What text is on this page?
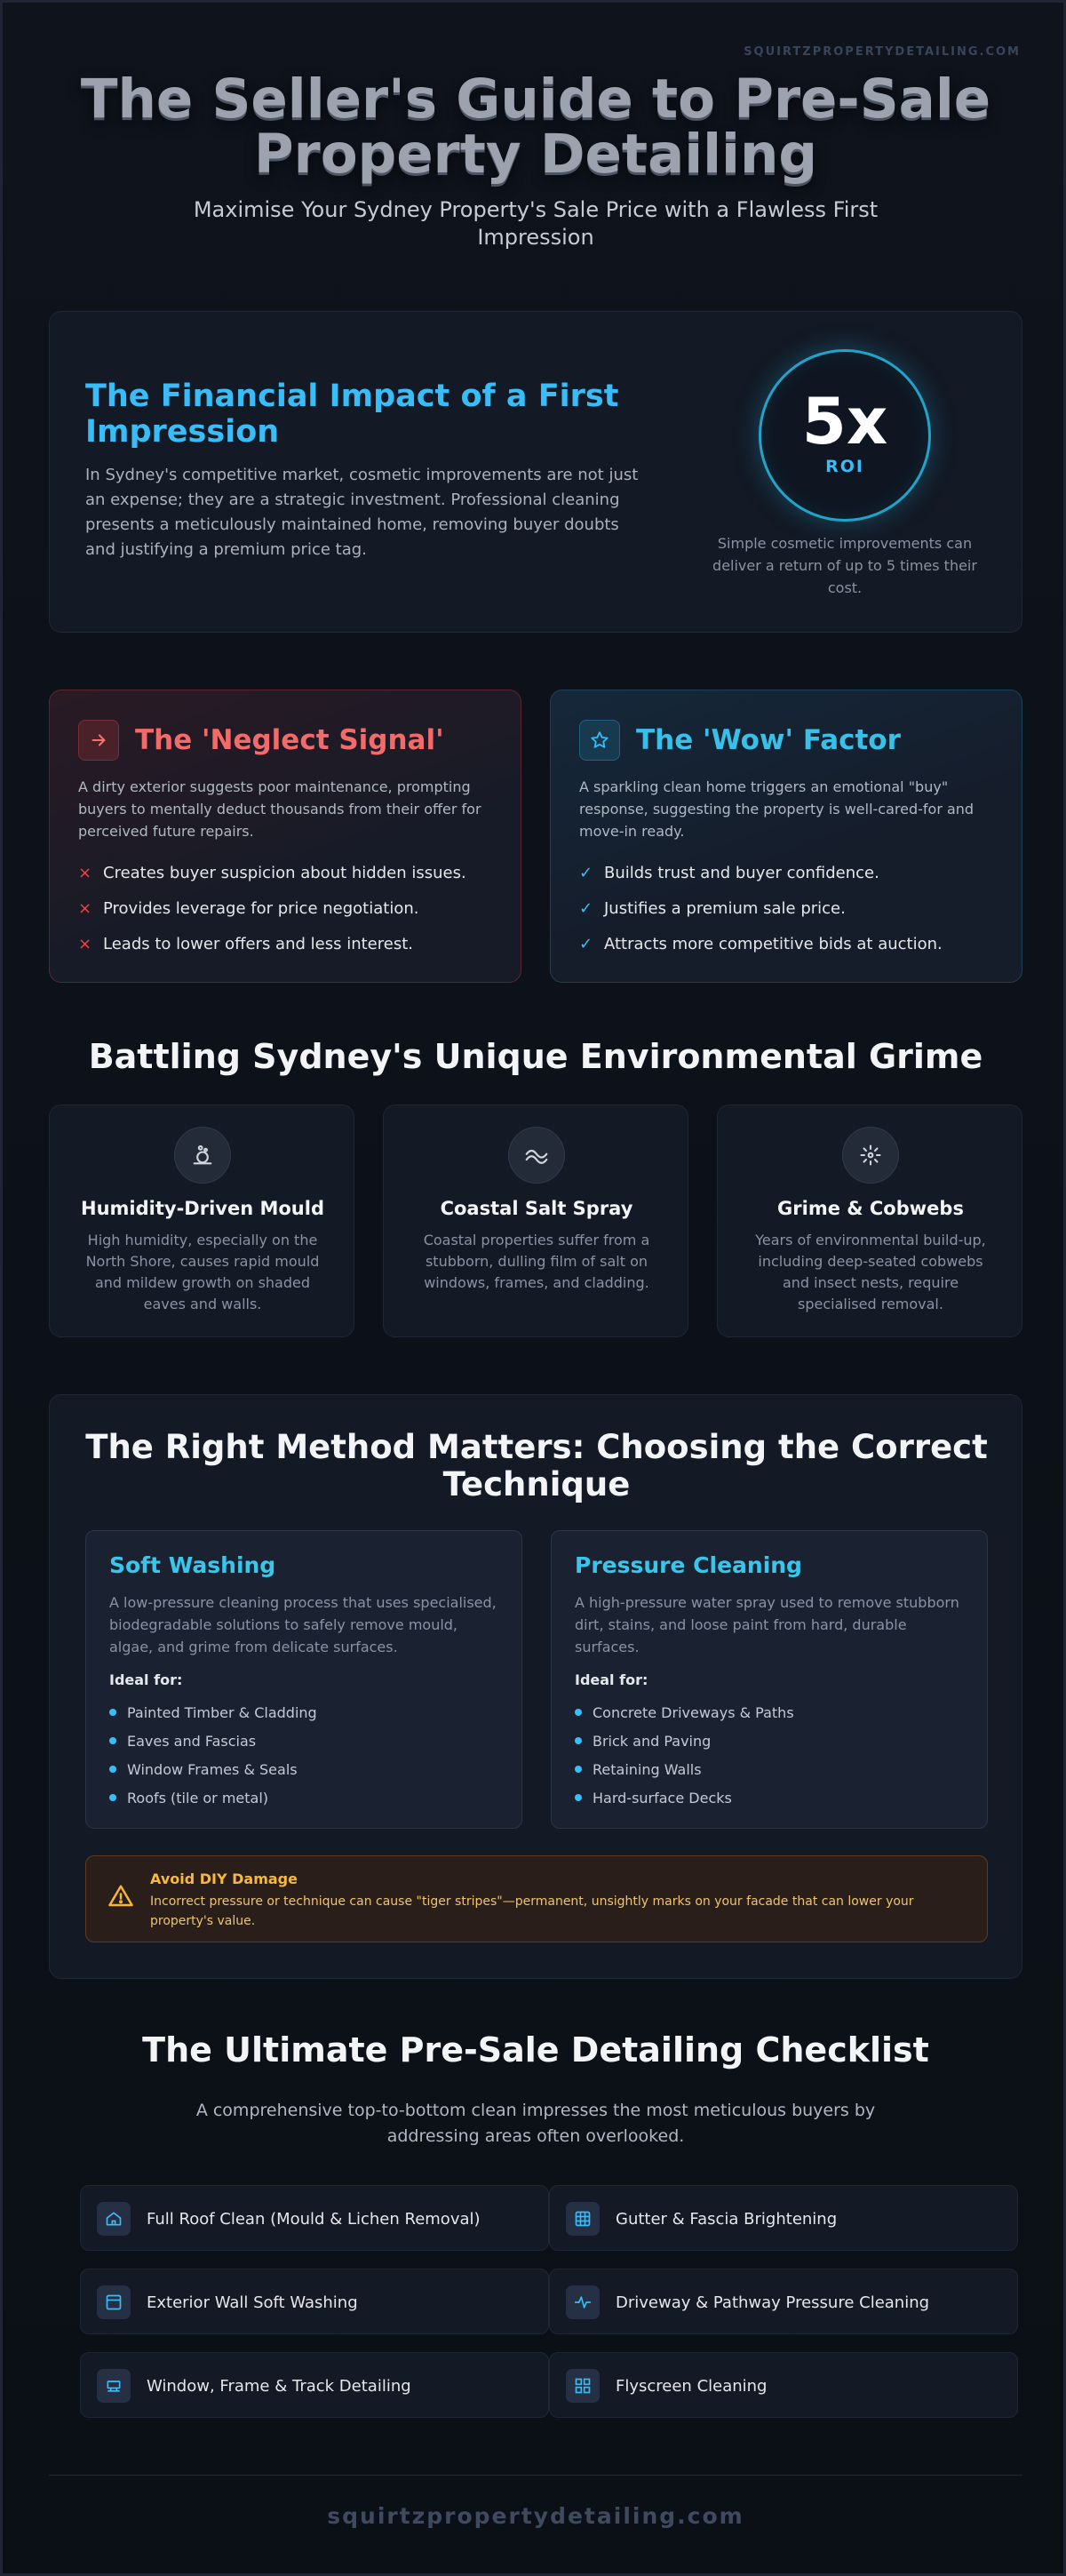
SQUIRTZPROPERTYDETAILING.COM
The Seller's Guide to Pre-Sale Property Detailing
Maximise Your Sydney Property's Sale Price with a Flawless First Impression
The Financial Impact of a First Impression

In Sydney's competitive market, cosmetic improvements are not just an expense; they are a strategic investment. Professional cleaning presents a meticulously maintained home, removing buyer doubts and justifying a premium price tag.

5x
ROI
Simple cosmetic improvements can deliver a return of up to 5 times their cost.
The 'Neglect Signal'
A dirty exterior suggests poor maintenance, prompting buyers to mentally deduct thousands from their offer for perceived future repairs.
× Creates buyer suspicion about hidden issues.
× Provides leverage for price negotiation.
× Leads to lower offers and less interest.
The 'Wow' Factor
A sparkling clean home triggers an emotional "buy" response, suggesting the property is well-cared-for and move-in ready.
✓ Builds trust and buyer confidence.
✓ Justifies a premium sale price.
✓ Attracts more competitive bids at auction.
Battling Sydney's Unique Environmental Grime
Humidity-Driven Mould

High humidity, especially on the North Shore, causes rapid mould and mildew growth on shaded eaves and walls.

Coastal Salt Spray

Coastal properties suffer from a stubborn, dulling film of salt on windows, frames, and cladding.

Grime & Cobwebs

Years of environmental build-up, including deep-seated cobwebs and insect nests, require specialised removal.

The Right Method Matters: Choosing the Correct Technique
Soft Washing
A low-pressure cleaning process that uses specialised, biodegradable solutions to safely remove mould, algae, and grime from delicate surfaces.
Ideal for:
Painted Timber & Cladding
Eaves and Fascias
Window Frames & Seals
Roofs (tile or metal)
Pressure Cleaning
A high-pressure water spray used to remove stubborn dirt, stains, and loose paint from hard, durable surfaces.
Ideal for:
Concrete Driveways & Paths
Brick and Paving
Retaining Walls
Hard-surface Decks
Avoid DIY Damage
Incorrect pressure or technique can cause "tiger stripes"—permanent, unsightly marks on your facade that can lower your property's value.
The Ultimate Pre-Sale Detailing Checklist
A comprehensive top-to-bottom clean impresses the most meticulous buyers by addressing areas often overlooked.
Full Roof Clean (Mould & Lichen Removal)	Gutter & Fascia Brightening
Exterior Wall Soft Washing	Driveway & Pathway Pressure Cleaning
Window, Frame & Track Detailing	Flyscreen Cleaning
squirtzpropertydetailing.com
